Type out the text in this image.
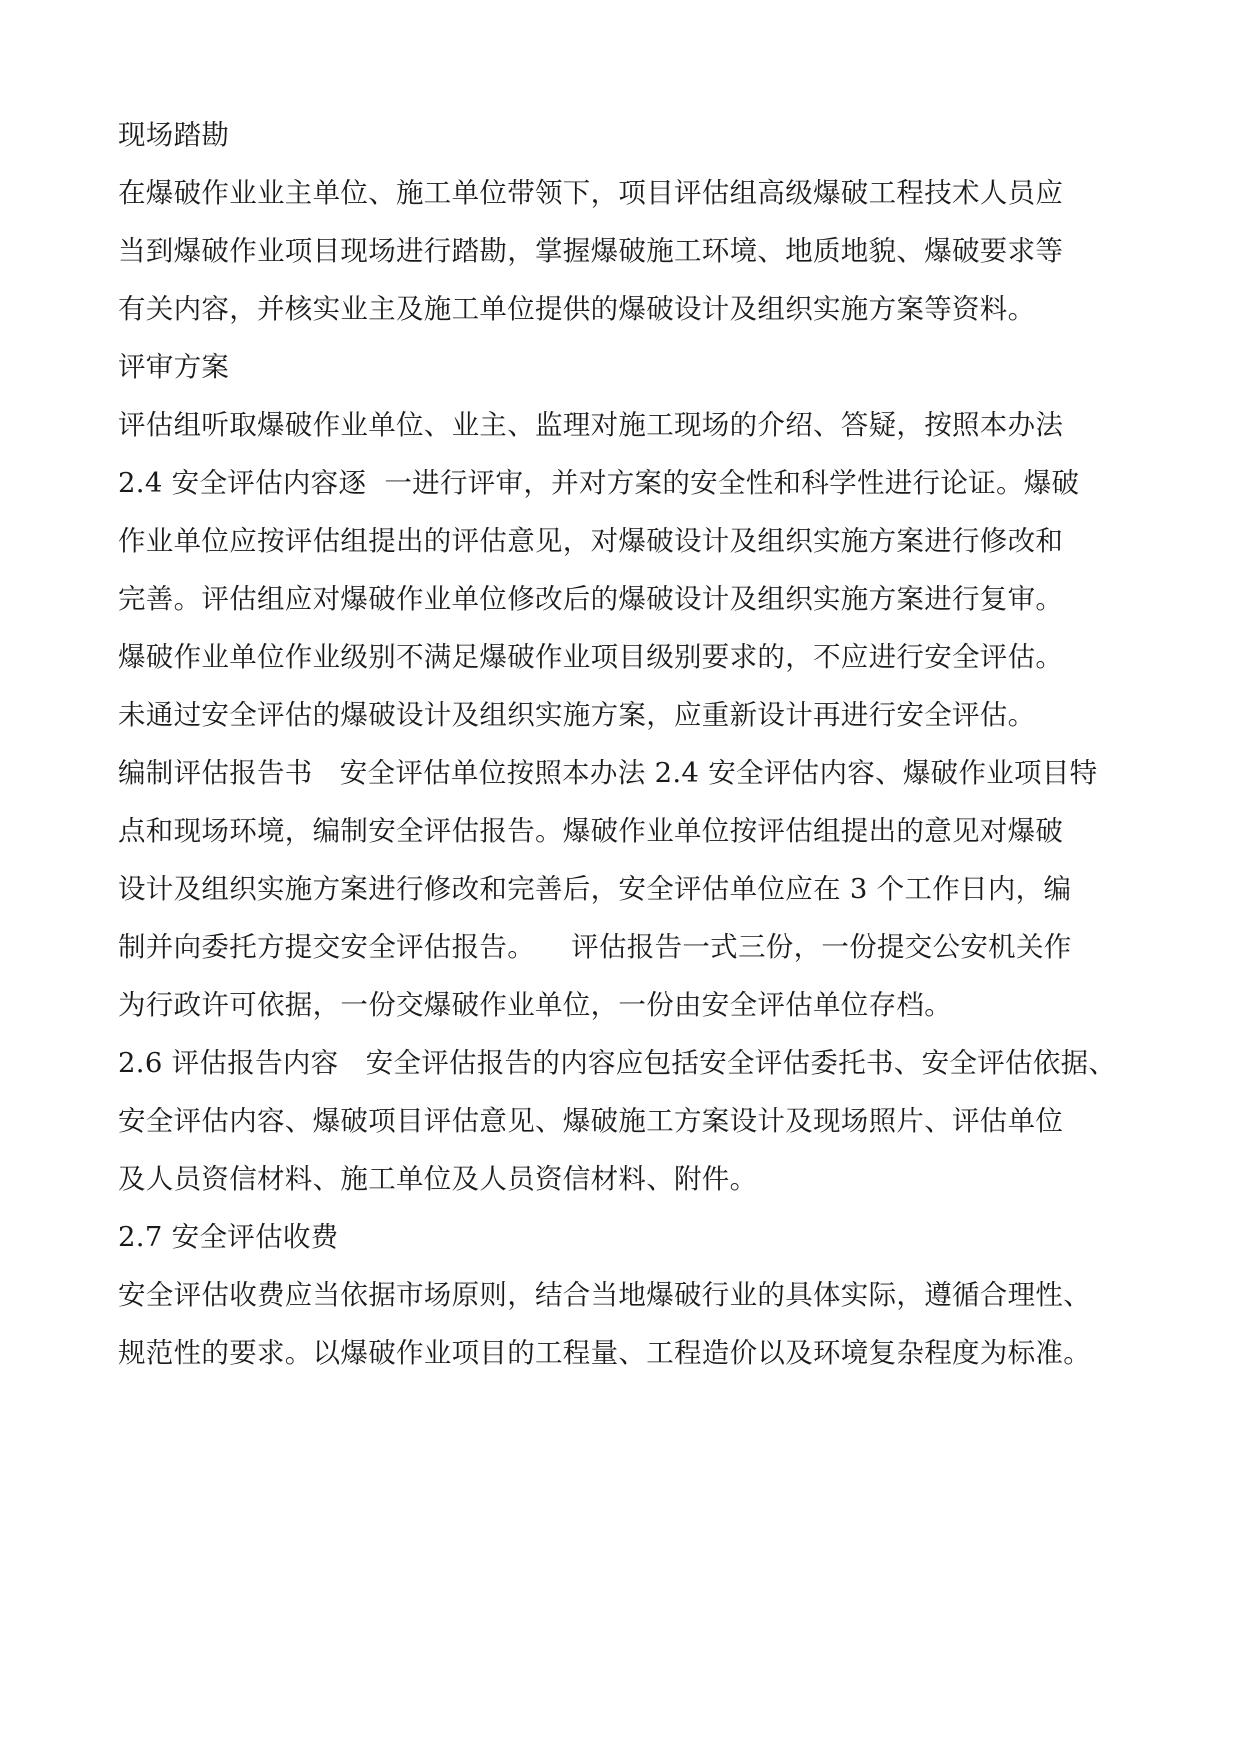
现场踏勘
在爆破作业业主单位、施工单位带领下，项目评估组高级爆破工程技术人员应
当到爆破作业项目现场进行踏勘，掌握爆破施工环境、地质地貌、爆破要求等
有关内容，并核实业主及施工单位提供的爆破设计及组织实施方案等资料。
评审方案
评估组听取爆破作业单位、业主、监理对施工现场的介绍、答疑，按照本办法
2.4 安全评估内容逐  一进行评审，并对方案的安全性和科学性进行论证。爆破
作业单位应按评估组提出的评估意见，对爆破设计及组织实施方案进行修改和
完善。评估组应对爆破作业单位修改后的爆破设计及组织实施方案进行复审。
爆破作业单位作业级别不满足爆破作业项目级别要求的，不应进行安全评估。
未通过安全评估的爆破设计及组织实施方案，应重新设计再进行安全评估。
编制评估报告书   安全评估单位按照本办法 2.4 安全评估内容、爆破作业项目特
点和现场环境，编制安全评估报告。爆破作业单位按评估组提出的意见对爆破
设计及组织实施方案进行修改和完善后，安全评估单位应在 3 个工作日内，编
制并向委托方提交安全评估报告。    评估报告一式三份，一份提交公安机关作
为行政许可依据，一份交爆破作业单位，一份由安全评估单位存档。
2.6 评估报告内容   安全评估报告的内容应包括安全评估委托书、安全评估依据、
安全评估内容、爆破项目评估意见、爆破施工方案设计及现场照片、评估单位
及人员资信材料、施工单位及人员资信材料、附件。
2.7 安全评估收费
安全评估收费应当依据市场原则，结合当地爆破行业的具体实际，遵循合理性、
规范性的要求。以爆破作业项目的工程量、工程造价以及环境复杂程度为标准。
